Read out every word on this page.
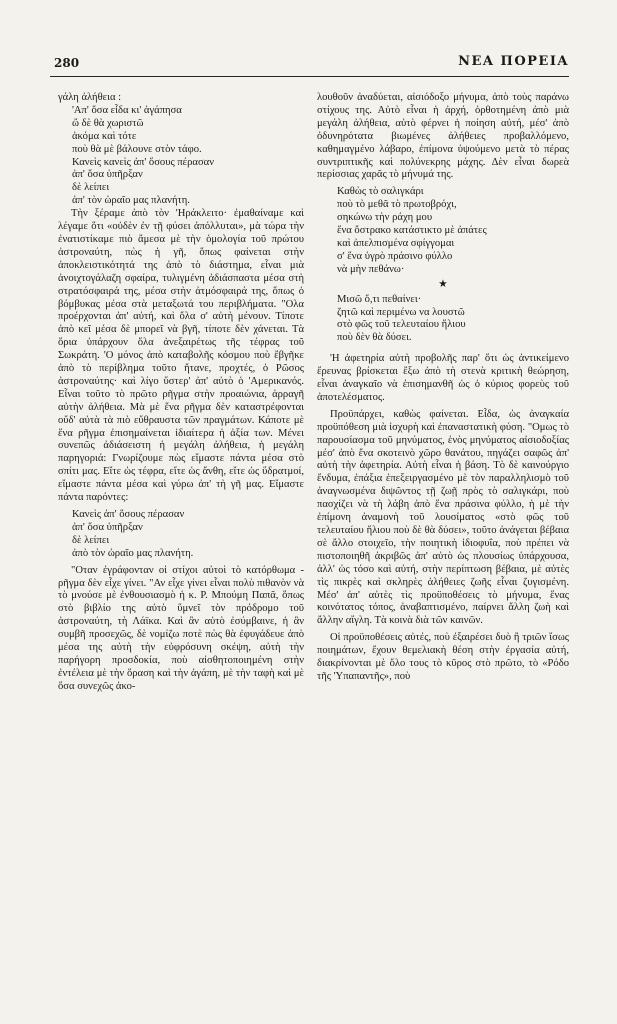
280	ΝΕΑ ΠΟΡΕΙΑ

γάλη ἀλήθεια :

'Απ' ὅσα εἶδα κι' ἀγάπησα
ὤ δὲ θὰ χωριστῶ
ἀκόμα καὶ τότε
ποὺ θὰ μὲ βάλουνε στὸν τάφο.
Κανεὶς κανεὶς ἀπ' ὅσους πέρασαν
ἀπ' ὅσα ὑπῆρξαν
δὲ λείπει
ἀπ' τὸν ὡραῖο μας πλανήτη.

Τὴν ξέραμε ἀπὸ τὸν 'Ηράκλειτο· ἐμαθαίναμε καὶ λέγαμε ὅτι «οὐδὲν ἐν τῇ φύσει ἀπόλλυται», μὰ τώρα τὴν ἐνατιστίκαμε πιὸ ἄμεσα μὲ τὴν ὁμολογία τοῦ πρώτου ἀστροναύτη, πὼς ἡ γῆ, ὅπως φαίνεται στὴν ἀποκλειστικότητά της ἀπὸ τὸ διάστημα, εἶναι μιὰ ἀνοιχτογάλαζη σφαίρα, τυλιγμένη ἀδιάσπαστα μέσα στὴ στρατόσφαιρά της, μέσα στὴν ἀτμόσφαιρά της, ὅπως ὁ βόμβυκας μέσα στὰ μεταξωτά του περιβλήματα. "Ολα προέρχονται ἀπ' αὐτή, καὶ ὅλα σ' αὐτὴ μένουν. Τίποτε ἀπὸ κεῖ μέσα δὲ μπορεῖ νὰ βγῆ, τίποτε δὲν χάνεται. Τὰ ὅρια ὑπάρχουν ὅλα ἀνεξαιρέτως τῆς τέφρας τοῦ Σωκράτη. 'Ο μόνος ἀπὸ καταβολῆς κόσμου ποὺ ἔβγῆκε ἀπὸ τὸ περίβλημα τοῦτο ἤτανε, προχτές, ὁ Ρῶσος ἀστροναύτης· καὶ λίγο ὕστερ' ἀπ' αὐτὸ ὁ 'Αμερικανός. Εἶναι τοῦτο τὸ πρῶτο ρῆγμα στὴν προαιώνια, ἀρραγῆ αὐτὴν ἀλήθεια. Μὰ μὲ ἕνα ρῆγμα δὲν καταστρέφονται οὔδ' αὐτὰ τὰ πιὸ εὔθραυστα τῶν πραγμάτων. Κάποτε μὲ ἕνα ρῆγμα ἐπισημαίνεται ἰδιαίτερα ἡ ἀξία των. Μένει συνεπῶς ἀδιάσειστη ἡ μεγάλη ἀλήθεια, ἡ μεγάλη παρηγοριά: Γνωρίζουμε πὼς εἴμαστε πάντα μέσα στὸ σπίτι μας. Εἴτε ὡς τέφρα, εἴτε ὡς ἄνθη, εἴτε ὡς ὕδρατμοί, εἴμαστε πάντα μέσα καὶ γύρω ἀπ' τὴ γῆ μας. Εἴμαστε πάντα παρόντες:

Κανεὶς ἀπ' ὅσους πέρασαν
ἀπ' ὅσα ὑπῆρξαν
δὲ λείπει
ἀπὸ τὸν ὡραῖο μας πλανήτη.

"Οταν ἐγράφονταν οἱ στίχοι αὐτοὶ τὸ κατόρθωμα - ρῆγμα δὲν εἶχε γίνει. "Αν εἶχε γίνει εἶναι πολὺ πιθανὸν νὰ τὸ μνούσε μὲ ἐνθουσιασμὸ ἡ κ. Ρ. Μπούμη Παπᾶ, ὅπως στὸ βιβλίο της αὐτὸ ὕμνεῖ τὸν πρόδρομο τοῦ ἀστροναύτη, τὴ Λάϊκα. Καὶ ἂν αὐτὸ ἐσύμβαινε, ἡ ἂν συμβῆ προσεχῶς, δὲ νομίζω ποτὲ πὼς θὰ ἐφυγάδευε ἀπὸ μέσα της αὐτὴ τὴν εὐφρόσυνη σκέψη, αὐτὴ τὴν παρήγορη προσδοκία, ποὺ αἰσθητοποιημένη στὴν ἐντέλεια μὲ τὴν ὅραση καὶ τὴν ἀγάπη, μὲ τὴν ταφὴ καὶ μὲ ὅσα συνεχῶς ἀκο-

λουθοῦν ἀναδύεται, αἰσιόδοξο μήνυμα, ἀπὸ τοὺς παράνω στίχους της. Αὐτὸ εἶναι ἡ ἀρχή, ὀρθοτημένη ἀπὸ μιὰ μεγάλη ἀλήθεια, αὐτὸ φέρνει ἡ ποίηση αὐτή, μέσ' ἀπὸ ὀδυνηρότατα βιωμένες ἀλήθειες προβαλλόμενο, καθημαγμένο λάβαρο, ἐπίμονα ὑψούμενο μετὰ τὸ πέρας συντριπτικῆς καὶ πολύνεκρης μάχης. Δὲν εἶναι δωρεὰ περίσσιας χαρᾶς τὸ μήνυμά της.

Καθὼς τὸ σαλιγκάρι
ποὺ τὸ μεθᾶ τὸ πρωτοβρόχι,
σηκώνω τὴν ράχη μου
ἕνα ὄστρακο κατάστικτο μὲ ἀπάτες
καὶ ἀπελπισμένα σφίγγομαι
σ' ἕνα ὑγρὸ πράσινο φύλλο
νὰ μὴν πεθάνω·
★
Μισῶ ὅ,τι πεθαίνει·
ζητῶ καὶ περιμένω να λουστῶ
στὸ φῶς τοῦ τελευταίου ἥλιου
ποὺ δὲν θὰ δύσει.

'Η ἀφετηρία αὐτὴ προβολῆς παρ' ὅτι ὡς ἀντικείμενο ἔρευνας βρίσκεται ἔξω ἀπὸ τὴ στενὰ κριτικὴ θεώρηση, εἶναι ἀναγκαῖο νὰ ἐπισημανθῆ ὡς ὁ κύριος φορεὺς τοῦ ἀποτελέσματος.

Προϋπάρχει, καθὼς φαίνεται. Εἶδα, ὡς ἀναγκαία προϋπόθεση μιὰ ἰσχυρὴ καὶ ἐπαναστατικὴ φύση. "Ομως τὸ παρουσίασμα τοῦ μηνύματος, ἑνὸς μηνύματος αἰσιοδοξίας μέσ' ἀπὸ ἕνα σκοτεινὸ χῶρο θανάτου, πηγάζει σαφῶς ἀπ' αὐτὴ τὴν ἀφετηρία. Αὐτὴ εἶναι ἡ βάση. Τὸ δὲ καινούργιο ἔνδυμα, ἐπάξια ἐπεξειργασμένο μὲ τὸν παραλληλισμὸ τοῦ ἀναγνωσμένα διψῶντος τῇ ζωῇ πρὸς τὸ σαλιγκάρι, ποὺ πασχίζει νὰ τὴ λάβη ἀπὸ ἕνα πράσινα φύλλο, ἡ μὲ τὴν ἐπίμονη ἀναμονὴ τοῦ λουσίματος «στὸ φῶς τοῦ τελευταίου ἥλιου ποὺ δὲ θὰ δύσει», τοῦτο ἀνάγεται βέβαια σὲ ἄλλο στοιχεῖο, τὴν ποιητικὴ ἰδιοφυΐα, ποὺ πρέπει νὰ πιστοποιηθῆ ἀκριβῶς ἀπ' αὐτὸ ὡς πλουσίως ὑπάρχουσα, ἀλλ' ὡς τόσο καὶ αὐτή, στὴν περίπτωση βέβαια, μὲ αὐτὲς τὶς πικρὲς καὶ σκληρὲς ἀλήθειες ζωῆς εἶναι ζυγισμένη. Μέσ' ἀπ' αὐτὲς τὶς προϋποθέσεις τὸ μήνυμα, ἕνας κοινότατος τόπος, ἀναβαπτισμένο, παίρνει ἄλλη ζωὴ καὶ ἄλλην αἴγλη. Τὰ κοινὰ διὰ τῶν καινῶν.

Οἱ προϋποθέσεις αὐτές, ποὺ ἐξαιρέσει δυὸ ἢ τριῶν ἴσως ποιημάτων, ἔχουν θεμελιακὴ θέση στὴν ἐργασία αὐτή, διακρίνονται μὲ ὅλο τους τὸ κῦρος στὸ πρῶτο, τὸ «Ρόδο τῆς 'Υπαπαντῆς», ποὺ
